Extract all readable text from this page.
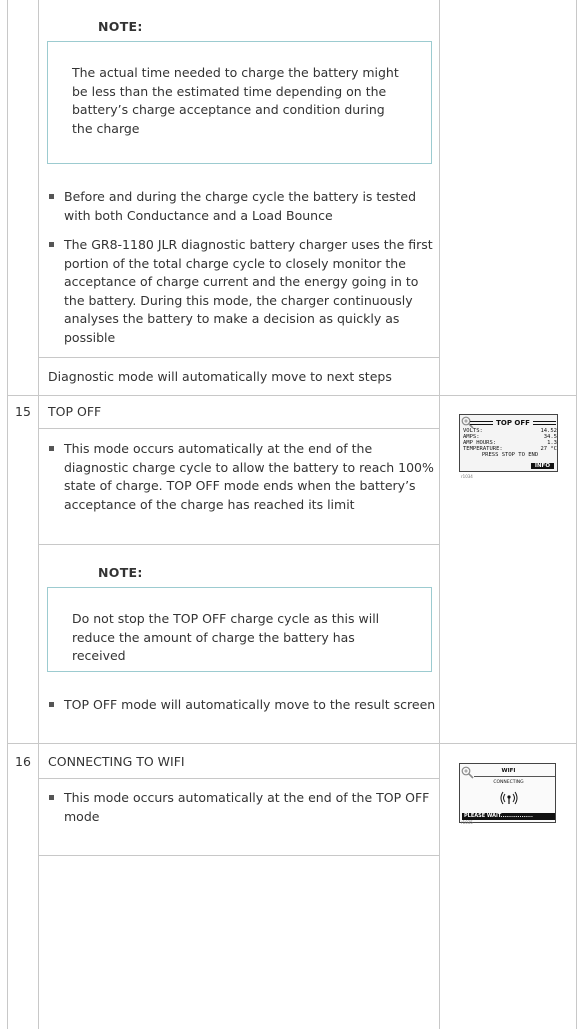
NOTE:
The actual time needed to charge the battery might be less than the estimated time depending on the battery’s charge acceptance and condition during the charge
Before and during the charge cycle the battery is tested with both Conductance and a Load Bounce
The GR8-1180 JLR diagnostic battery charger uses the first portion of the total charge cycle to closely monitor the acceptance of charge current and the energy going in to the battery. During this mode, the charger continuously analyses the battery to make a decision as quickly as possible
Diagnostic mode will automatically move to next steps
15 TOP OFF
This mode occurs automatically at the end of the diagnostic charge cycle to allow the battery to reach 100% state of charge. TOP OFF mode ends when the battery’s acceptance of the charge has reached its limit
NOTE:
Do not stop the TOP OFF charge cycle as this will reduce the amount of charge the battery has received
TOP OFF mode will automatically move to the result screen
TOP OFF
VOLTS:	14.52
AMPS:	34.5
AMP HOURS:	1.3
TEMPERATURE:	27 °C
PRESS STOP TO END
INFO
r1034
16 CONNECTING TO WIFI
This mode occurs automatically at the end of the TOP OFF mode
WIFI
CONNECTING
PLEASE WAIT.................
r1035
